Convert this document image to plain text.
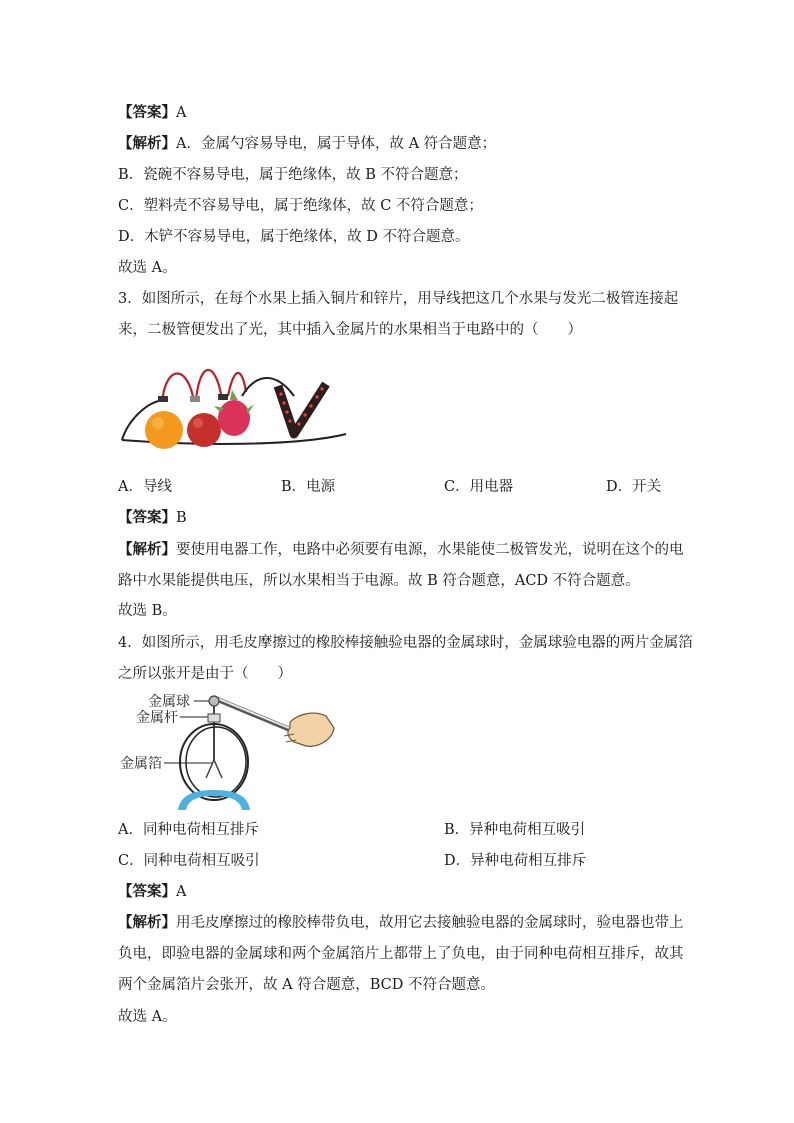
【答案】A
【解析】A．金属勺容易导电，属于导体，故 A 符合题意；
B．瓷碗不容易导电，属于绝缘体，故 B 不符合题意；
C．塑料壳不容易导电，属于绝缘体，故 C 不符合题意；
D．木铲不容易导电，属于绝缘体，故 D 不符合题意。
故选 A。
3．如图所示，在每个水果上插入铜片和锌片，用导线把这几个水果与发光二极管连接起
来，二极管便发出了光，其中插入金属片的水果相当于电路中的（　　）
A．导线	B．电源	C．用电器	D．开关
【答案】B
【解析】要使用电器工作，电路中必须要有电源，水果能使二极管发光，说明在这个的电
路中水果能提供电压，所以水果相当于电源。故 B 符合题意，ACD 不符合题意。
故选 B。
4．如图所示，用毛皮摩擦过的橡胶棒接触验电器的金属球时，金属球验电器的两片金属箔
之所以张开是由于（　　）
金属球
金属杆
金属箔
A．同种电荷相互排斥	B．异种电荷相互吸引
C．同种电荷相互吸引	D．异种电荷相互排斥
【答案】A
【解析】用毛皮摩擦过的橡胶棒带负电，故用它去接触验电器的金属球时，验电器也带上
负电，即验电器的金属球和两个金属箔片上都带上了负电，由于同种电荷相互排斥，故其
两个金属箔片会张开，故 A 符合题意，BCD 不符合题意。
故选 A。
